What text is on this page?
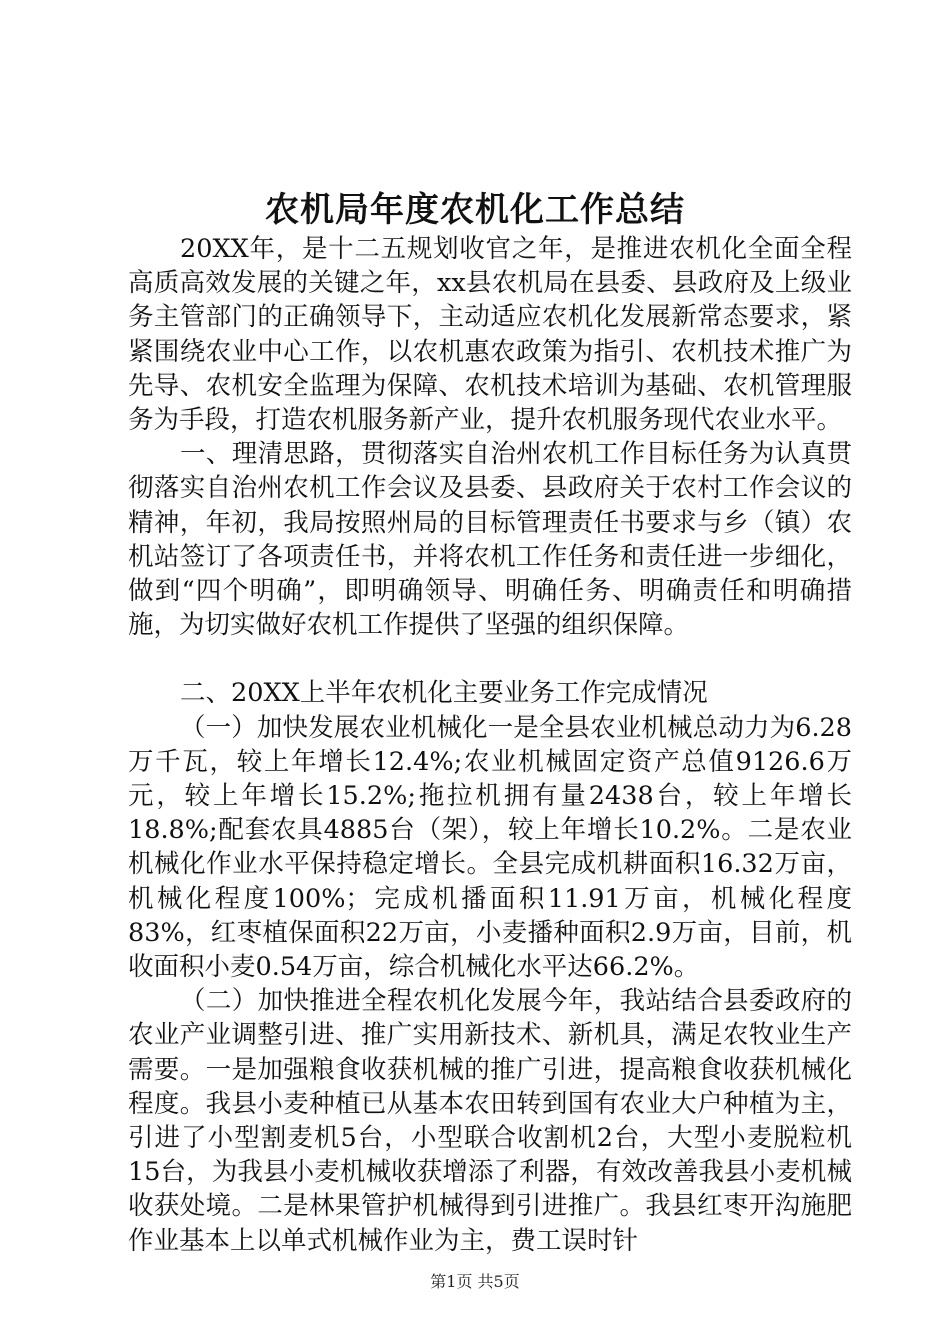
农机局年度农机化工作总结

20XX年，是十二五规划收官之年，是推进农机化全面全程高质高效发展的关键之年，xx县农机局在县委、县政府及上级业务主管部门的正确领导下，主动适应农机化发展新常态要求，紧紧围绕农业中心工作，以农机惠农政策为指引、农机技术推广为先导、农机安全监理为保障、农机技术培训为基础、农机管理服务为手段，打造农机服务新产业，提升农机服务现代农业水平。

一、理清思路，贯彻落实自治州农机工作目标任务为认真贯彻落实自治州农机工作会议及县委、县政府关于农村工作会议的精神，年初，我局按照州局的目标管理责任书要求与乡（镇）农机站签订了各项责任书，并将农机工作任务和责任进一步细化，做到“四个明确”，即明确领导、明确任务、明确责任和明确措施，为切实做好农机工作提供了坚强的组织保障。

二、20XX上半年农机化主要业务工作完成情况

（一）加快发展农业机械化一是全县农业机械总动力为6.28万千瓦，较上年增长12.4%;农业机械固定资产总值9126.6万元，较上年增长15.2%;拖拉机拥有量2438台，较上年增长18.8%;配套农具4885台（架），较上年增长10.2%。二是农业机械化作业水平保持稳定增长。全县完成机耕面积16.32万亩，机械化程度100%；完成机播面积11.91万亩，机械化程度83%，红枣植保面积22万亩，小麦播种面积2.9万亩，目前，机收面积小麦0.54万亩，综合机械化水平达66.2%。

（二）加快推进全程农机化发展今年，我站结合县委政府的农业产业调整引进、推广实用新技术、新机具，满足农牧业生产需要。一是加强粮食收获机械的推广引进，提高粮食收获机械化程度。我县小麦种植已从基本农田转到国有农业大户种植为主，引进了小型割麦机5台，小型联合收割机2台，大型小麦脱粒机15台，为我县小麦机械收获增添了利器，有效改善我县小麦机械收获处境。二是林果管护机械得到引进推广。我县红枣开沟施肥作业基本上以单式机械作业为主，费工误时针

第1页 共5页
